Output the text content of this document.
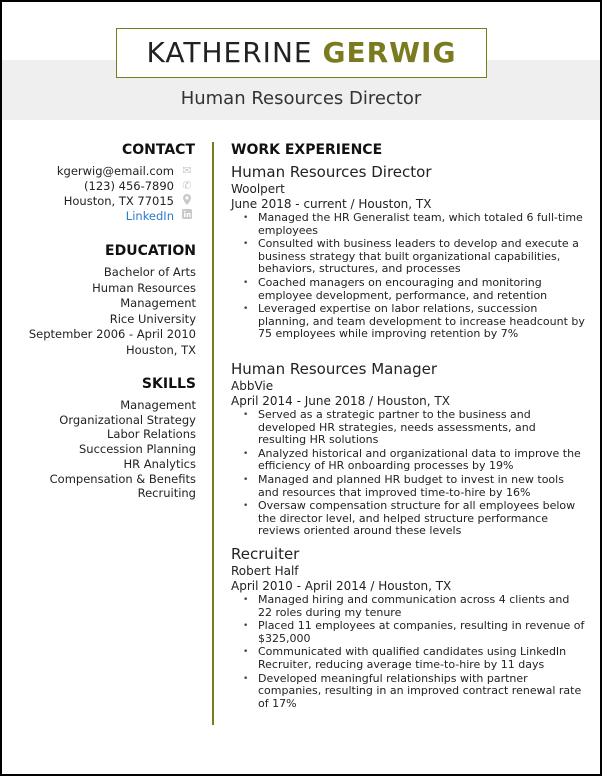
KATHERINE GERWIG
Human Resources Director
CONTACT
kgerwig@email.com ✉
(123) 456-7890 ✆
Houston, TX 77015
LinkedIn
EDUCATION
Bachelor of Arts
Human Resources
Management
Rice University
September 2006 - April 2010
Houston, TX
SKILLS
Management
Organizational Strategy
Labor Relations
Succession Planning
HR Analytics
Compensation & Benefits
Recruiting
WORK EXPERIENCE
Human Resources Director
Woolpert
June 2018 - current / Houston, TX
• Managed the HR Generalist team, which totaled 6 full-time employees
• Consulted with business leaders to develop and execute a business strategy that built organizational capabilities, behaviors, structures, and processes
• Coached managers on encouraging and monitoring employee development, performance, and retention
• Leveraged expertise on labor relations, succession planning, and team development to increase headcount by 75 employees while improving retention by 7%
Human Resources Manager
AbbVie
April 2014 - June 2018 / Houston, TX
• Served as a strategic partner to the business and developed HR strategies, needs assessments, and resulting HR solutions
• Analyzed historical and organizational data to improve the efficiency of HR onboarding processes by 19%
• Managed and planned HR budget to invest in new tools and resources that improved time-to-hire by 16%
• Oversaw compensation structure for all employees below the director level, and helped structure performance reviews oriented around these levels
Recruiter
Robert Half
April 2010 - April 2014 / Houston, TX
• Managed hiring and communication across 4 clients and 22 roles during my tenure
• Placed 11 employees at companies, resulting in revenue of $325,000
• Communicated with qualified candidates using LinkedIn Recruiter, reducing average time-to-hire by 11 days
• Developed meaningful relationships with partner companies, resulting in an improved contract renewal rate of 17%
